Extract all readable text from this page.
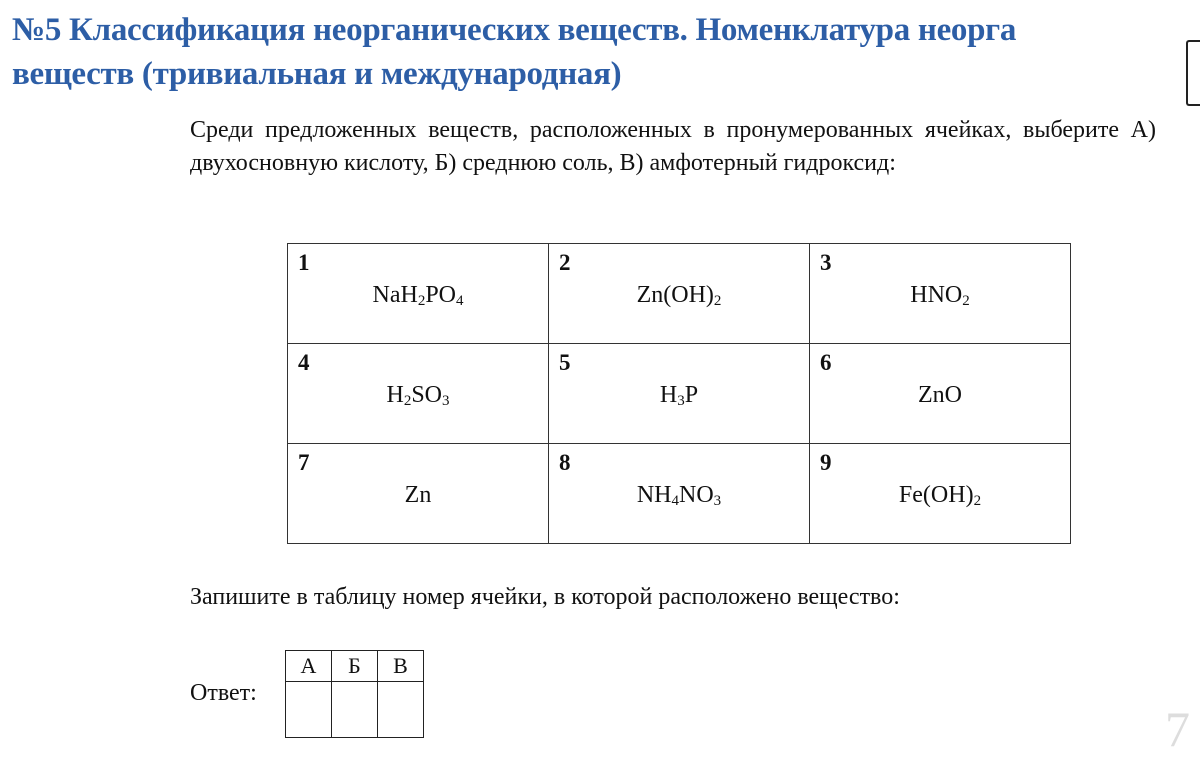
№5 Классификация неорганических веществ. Номенклатура неорга
веществ (тривиальная и международная)
Среди предложенных веществ, расположенных в пронумерованных ячейках, выберите А) двухосновную кислоту, Б) среднюю соль, В) амфотерный гидроксид:
1
$NaH_2PO_4$	2
$Zn(OH)_2$	3
$HNO_2$

4
$H_2SO_3$	5
$H_3P$	6
ZnO

7
Zn	8
$NH_4NO_3$	9
$Fe(OH)_2$
Запишите в таблицу номер ячейки, в которой расположено вещество:
Ответ:
А	Б	В

7
